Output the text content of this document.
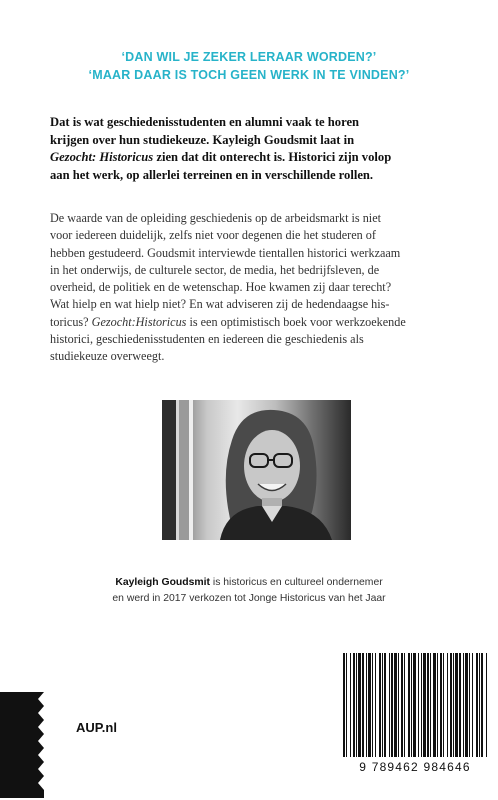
‘DAN WIL JE ZEKER LERAAR WORDEN?’
‘MAAR DAAR IS TOCH GEEN WERK IN TE VINDEN?’
Dat is wat geschiedenisstudenten en alumni vaak te horen
krijgen over hun studiekeuze. Kayleigh Goudsmit laat in
Gezocht: Historicus zien dat dit onterecht is. Historici zijn volop
aan het werk, op allerlei terreinen en in verschillende rollen.
De waarde van de opleiding geschiedenis op de arbeidsmarkt is niet
voor iedereen duidelijk, zelfs niet voor degenen die het studeren of
hebben gestudeerd. Goudsmit interviewde tientallen historici werkzaam
in het onderwijs, de culturele sector, de media, het bedrijfsleven, de
overheid, de politiek en de wetenschap. Hoe kwamen zij daar terecht?
Wat hielp en wat hielp niet? En wat adviseren zij de hedendaagse his-
toricus? Gezocht:Historicus is een optimistisch boek voor werkzoekende
historici, geschiedenisstudenten en iedereen die geschiedenis als
studiekeuze overweegt.
Kayleigh Goudsmit is historicus en cultureel ondernemer
en werd in 2017 verkozen tot Jonge Historicus van het Jaar
AUP.nl
9 789462 984646
